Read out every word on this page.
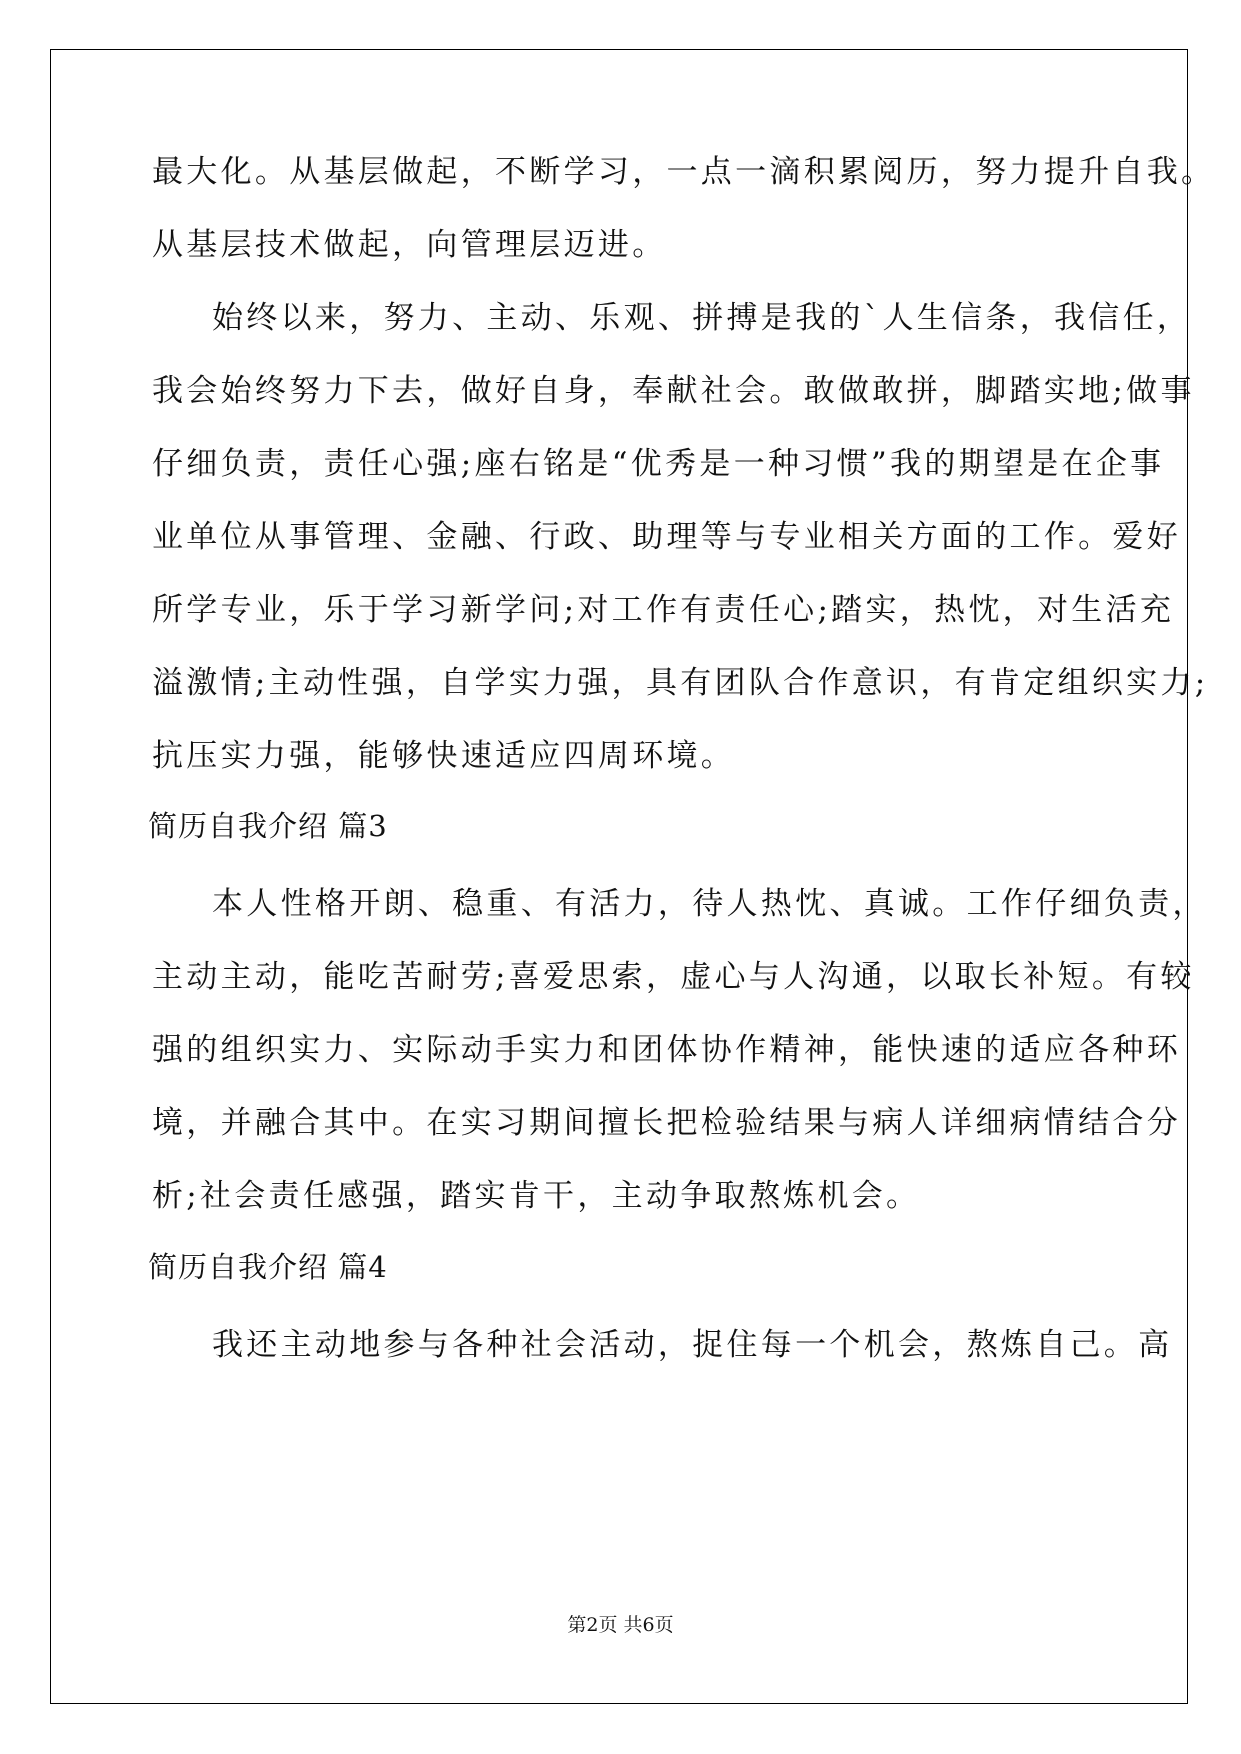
最大化。从基层做起，不断学习，一点一滴积累阅历，努力提升自我。
从基层技术做起，向管理层迈进。
始终以来，努力、主动、乐观、拼搏是我的`人生信条，我信任，
我会始终努力下去，做好自身，奉献社会。敢做敢拼，脚踏实地;做事
仔细负责，责任心强;座右铭是“优秀是一种习惯”我的期望是在企事
业单位从事管理、金融、行政、助理等与专业相关方面的工作。爱好
所学专业，乐于学习新学问;对工作有责任心;踏实，热忱，对生活充
溢激情;主动性强，自学实力强，具有团队合作意识，有肯定组织实力;
抗压实力强，能够快速适应四周环境。
简历自我介绍 篇3
本人性格开朗、稳重、有活力，待人热忱、真诚。工作仔细负责，
主动主动，能吃苦耐劳;喜爱思索，虚心与人沟通，以取长补短。有较
强的组织实力、实际动手实力和团体协作精神，能快速的适应各种环
境，并融合其中。在实习期间擅长把检验结果与病人详细病情结合分
析;社会责任感强，踏实肯干，主动争取熬炼机会。
简历自我介绍 篇4
我还主动地参与各种社会活动，捉住每一个机会，熬炼自己。高
第2页 共6页
